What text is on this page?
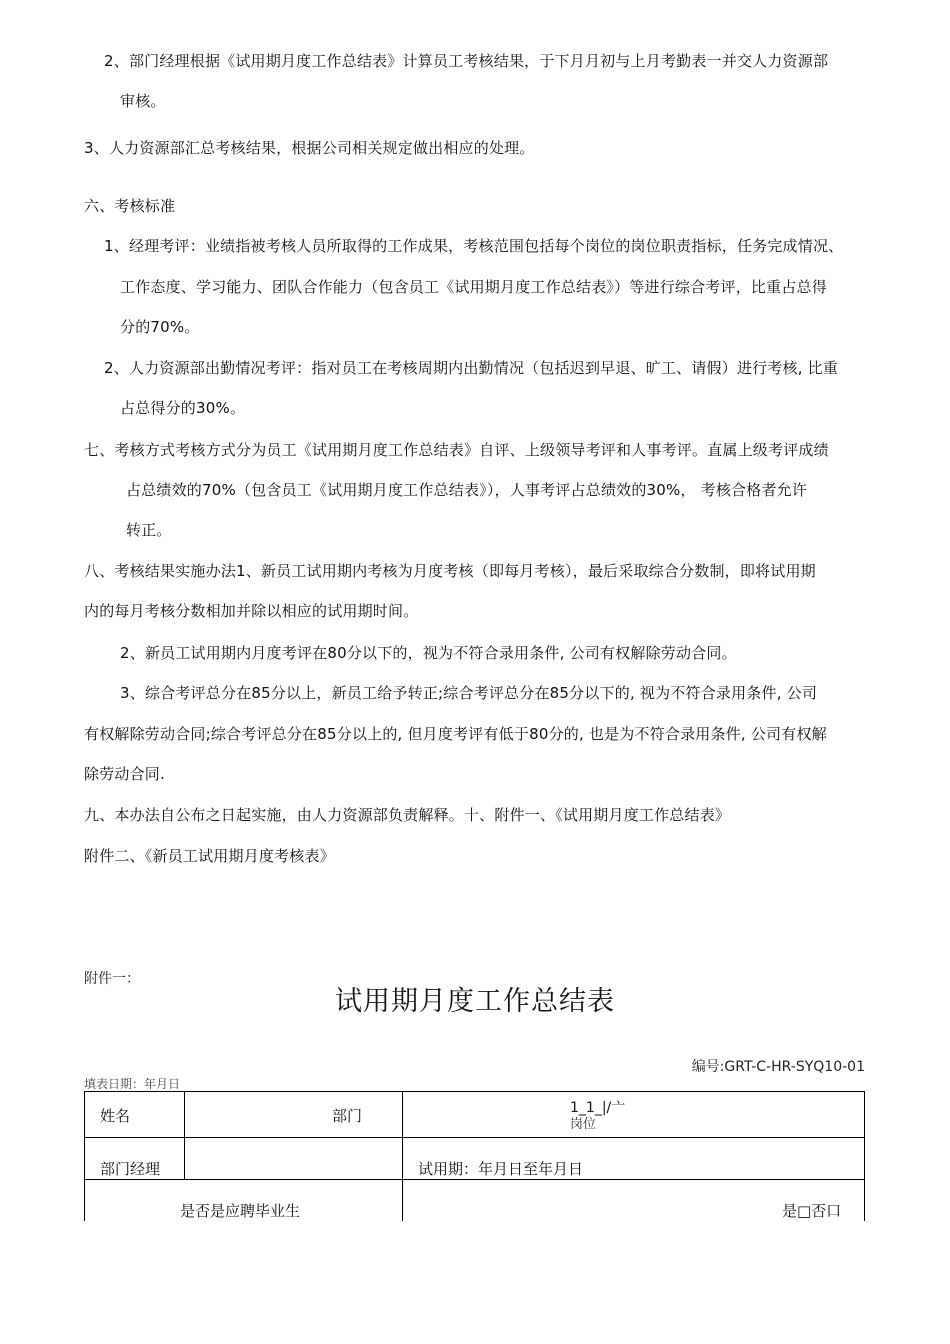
2、部门经理根据《试用期月度工作总结表》计算员工考核结果，于下月月初与上月考勤表一并交人力资源部
审核。
3、人力资源部汇总考核结果，根据公司相关规定做出相应的处理。
六、考核标准
1、经理考评：业绩指被考核人员所取得的工作成果，考核范围包括每个岗位的岗位职责指标，任务完成情况、
工作态度、学习能力、团队合作能力（包含员工《试用期月度工作总结表》）等进行综合考评，比重占总得
分的70%。
2、人力资源部出勤情况考评：指对员工在考核周期内出勤情况（包括迟到早退、旷工、请假）进行考核, 比重
占总得分的30%。
七、考核方式考核方式分为员工《试用期月度工作总结表》自评、上级领导考评和人事考评。直属上级考评成绩
占总绩效的70%（包含员工《试用期月度工作总结表》），人事考评占总绩效的30%， 考核合格者允许
转正。
八、考核结果实施办法1、新员工试用期内考核为月度考核（即每月考核），最后采取综合分数制，即将试用期
内的每月考核分数相加并除以相应的试用期时间。
2、新员工试用期内月度考评在80分以下的，视为不符合录用条件, 公司有权解除劳动合同。
3、综合考评总分在85分以上，新员工给予转正;综合考评总分在85分以下的, 视为不符合录用条件, 公司
有权解除劳动合同;综合考评总分在85分以上的, 但月度考评有低于80分的, 也是为不符合录用条件, 公司有权解
除劳动合同.
九、本办法自公布之日起实施，由人力资源部负责解释。十、附件一、《试用期月度工作总结表》
附件二、《新员工试用期月度考核表》
附件一：
试用期月度工作总结表
编号:GRT-C-HR-SYQ10-01
填表日期：年月日
姓名	部门	1_1_|/亠
岗位
部门经理	试用期：年月日至年月日
是否是应聘毕业生	是□否口
